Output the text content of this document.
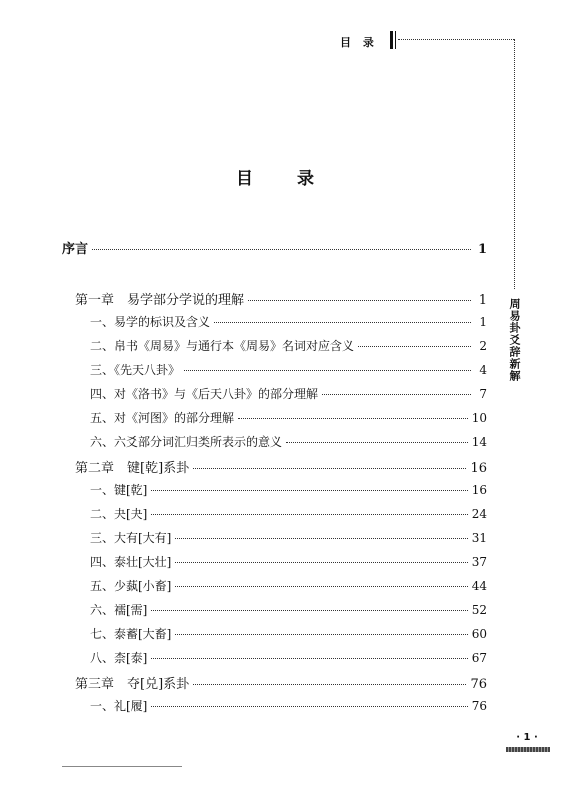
目 录
周易卦爻辞新解
目录
序言	1
第一章　易学部分学说的理解	1
一、易学的标识及含义	1
二、帛书《周易》与通行本《周易》名词对应含义	2
三、《先天八卦》	4
四、对《洛书》与《后天八卦》的部分理解	7
五、对《河图》的部分理解	10
六、六爻部分词汇归类所表示的意义	14
第二章　键[乾]系卦	16
一、键[乾]	16
二、夬[夬]	24
三、大有[大有]	31
四、泰壮[大壮]	37
五、少蓺[小畜]	44
六、襦[需]	52
七、泰蓄[大畜]	60
八、柰[泰]	67
第三章　夺[兑]系卦	76
一、礼[履]	76
· 1 ·
